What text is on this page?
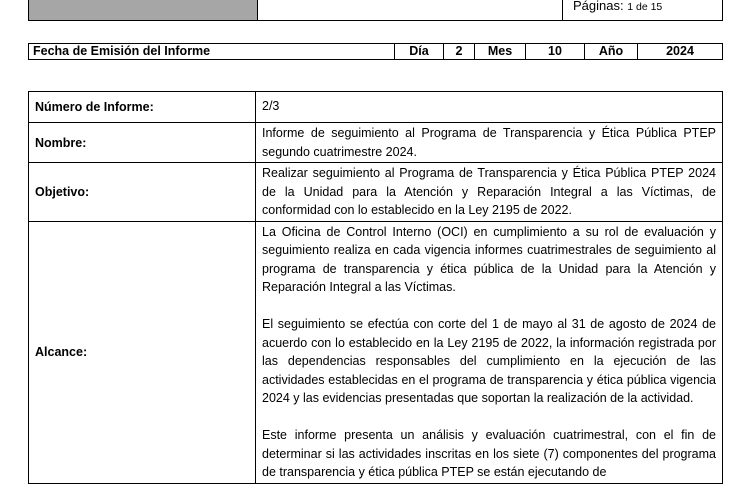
Páginas: 1 de 15
Fecha de Emisión del Informe	Día	2	Mes	10	Año	2024
Número de Informe:	2/3
Nombre:	Informe de seguimiento al Programa de Transparencia y Ética Pública PTEP segundo cuatrimestre 2024.
Objetivo:	Realizar seguimiento al Programa de Transparencia y Ética Pública PTEP 2024 de la Unidad para la Atención y Reparación Integral a las Víctimas, de conformidad con lo establecido en la Ley 2195 de 2022.
Alcance:	La Oficina de Control Interno (OCI) en cumplimiento a su rol de evaluación y seguimiento realiza en cada vigencia informes cuatrimestrales de seguimiento al programa de transparencia y ética pública de la Unidad para la Atención y Reparación Integral a las Víctimas.

El seguimiento se efectúa con corte del 1 de mayo al 31 de agosto de 2024 de acuerdo con lo establecido en la Ley 2195 de 2022, la información registrada por las dependencias responsables del cumplimiento en la ejecución de las actividades establecidas en el programa de transparencia y ética pública vigencia 2024 y las evidencias presentadas que soportan la realización de la actividad.

Este informe presenta un análisis y evaluación cuatrimestral, con el fin de determinar si las actividades inscritas en los siete (7) componentes del programa de transparencia y ética pública PTEP se están ejecutando de
